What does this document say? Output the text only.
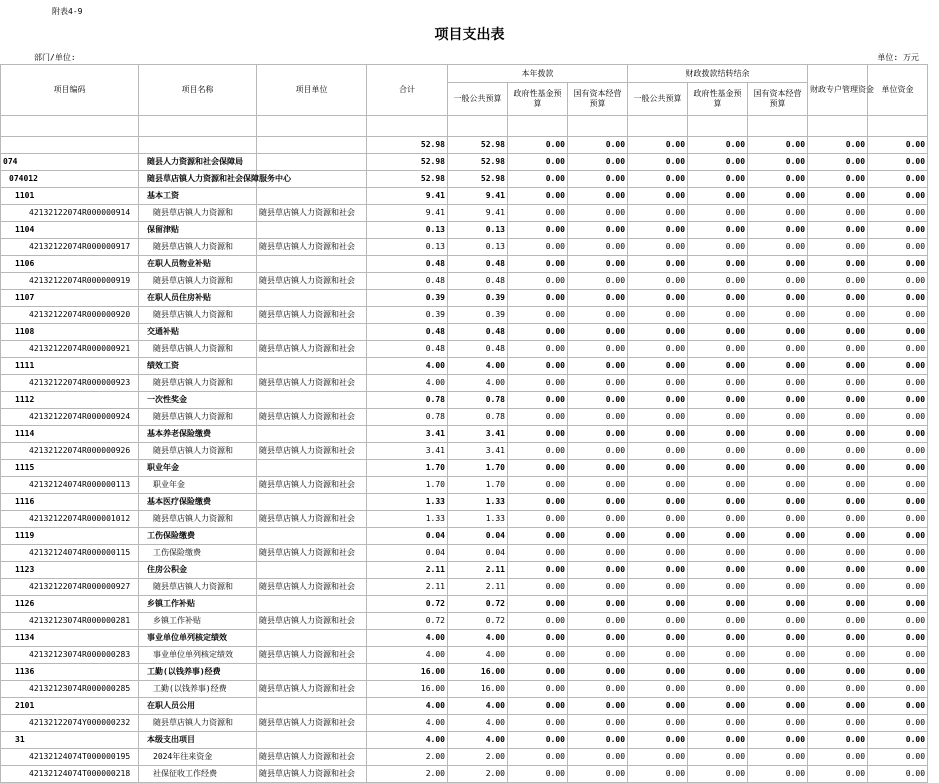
附表4-9
项目支出表
部门/单位:	单位: 万元
项目编码	项目名称	项目单位	合计	本年拨款			财政拨款结转结余			财政专户管理资金	单位资金
				一般公共预算	政府性基金预算	国有资本经营预算	一般公共预算	政府性基金预算	国有资本经营预算		

			52.98	52.98	0.00	0.00	0.00	0.00	0.00	0.00	0.00
074	随县人力资源和社会保障局		52.98	52.98	0.00	0.00	0.00	0.00	0.00	0.00	0.00
074012	随县草店镇人力资源和社会保障服务中心		52.98	52.98	0.00	0.00	0.00	0.00	0.00	0.00	0.00
1101	基本工资		9.41	9.41	0.00	0.00	0.00	0.00	0.00	0.00	0.00
42132122074R000000914	随县草店镇人力资源和	随县草店镇人力资源和社会	9.41	9.41	0.00	0.00	0.00	0.00	0.00	0.00	0.00
1104	保留津贴		0.13	0.13	0.00	0.00	0.00	0.00	0.00	0.00	0.00
42132122074R000000917	随县草店镇人力资源和	随县草店镇人力资源和社会	0.13	0.13	0.00	0.00	0.00	0.00	0.00	0.00	0.00
1106	在职人员物业补贴		0.48	0.48	0.00	0.00	0.00	0.00	0.00	0.00	0.00
42132122074R000000919	随县草店镇人力资源和	随县草店镇人力资源和社会	0.48	0.48	0.00	0.00	0.00	0.00	0.00	0.00	0.00
1107	在职人员住房补贴		0.39	0.39	0.00	0.00	0.00	0.00	0.00	0.00	0.00
42132122074R000000920	随县草店镇人力资源和	随县草店镇人力资源和社会	0.39	0.39	0.00	0.00	0.00	0.00	0.00	0.00	0.00
1108	交通补贴		0.48	0.48	0.00	0.00	0.00	0.00	0.00	0.00	0.00
42132122074R000000921	随县草店镇人力资源和	随县草店镇人力资源和社会	0.48	0.48	0.00	0.00	0.00	0.00	0.00	0.00	0.00
1111	绩效工资		4.00	4.00	0.00	0.00	0.00	0.00	0.00	0.00	0.00
42132122074R000000923	随县草店镇人力资源和	随县草店镇人力资源和社会	4.00	4.00	0.00	0.00	0.00	0.00	0.00	0.00	0.00
1112	一次性奖金		0.78	0.78	0.00	0.00	0.00	0.00	0.00	0.00	0.00
42132122074R000000924	随县草店镇人力资源和	随县草店镇人力资源和社会	0.78	0.78	0.00	0.00	0.00	0.00	0.00	0.00	0.00
1114	基本养老保险缴费		3.41	3.41	0.00	0.00	0.00	0.00	0.00	0.00	0.00
42132122074R000000926	随县草店镇人力资源和	随县草店镇人力资源和社会	3.41	3.41	0.00	0.00	0.00	0.00	0.00	0.00	0.00
1115	职业年金		1.70	1.70	0.00	0.00	0.00	0.00	0.00	0.00	0.00
42132124074R000000113	职业年金	随县草店镇人力资源和社会	1.70	1.70	0.00	0.00	0.00	0.00	0.00	0.00	0.00
1116	基本医疗保险缴费		1.33	1.33	0.00	0.00	0.00	0.00	0.00	0.00	0.00
42132122074R000001012	随县草店镇人力资源和	随县草店镇人力资源和社会	1.33	1.33	0.00	0.00	0.00	0.00	0.00	0.00	0.00
1119	工伤保险缴费		0.04	0.04	0.00	0.00	0.00	0.00	0.00	0.00	0.00
42132124074R000000115	工伤保险缴费	随县草店镇人力资源和社会	0.04	0.04	0.00	0.00	0.00	0.00	0.00	0.00	0.00
1123	住房公积金		2.11	2.11	0.00	0.00	0.00	0.00	0.00	0.00	0.00
42132122074R000000927	随县草店镇人力资源和	随县草店镇人力资源和社会	2.11	2.11	0.00	0.00	0.00	0.00	0.00	0.00	0.00
1126	乡镇工作补贴		0.72	0.72	0.00	0.00	0.00	0.00	0.00	0.00	0.00
42132123074R000000281	乡镇工作补贴	随县草店镇人力资源和社会	0.72	0.72	0.00	0.00	0.00	0.00	0.00	0.00	0.00
1134	事业单位单列核定绩效		4.00	4.00	0.00	0.00	0.00	0.00	0.00	0.00	0.00
42132123074R000000283	事业单位单列核定绩效	随县草店镇人力资源和社会	4.00	4.00	0.00	0.00	0.00	0.00	0.00	0.00	0.00
1136	工勤(以钱养事)经费		16.00	16.00	0.00	0.00	0.00	0.00	0.00	0.00	0.00
42132123074R000000285	工勤(以钱养事)经费	随县草店镇人力资源和社会	16.00	16.00	0.00	0.00	0.00	0.00	0.00	0.00	0.00
2101	在职人员公用		4.00	4.00	0.00	0.00	0.00	0.00	0.00	0.00	0.00
42132122074Y000000232	随县草店镇人力资源和	随县草店镇人力资源和社会	4.00	4.00	0.00	0.00	0.00	0.00	0.00	0.00	0.00
31	本级支出项目		4.00	4.00	0.00	0.00	0.00	0.00	0.00	0.00	0.00
42132124074T000000195	2024年往来资金	随县草店镇人力资源和社会	2.00	2.00	0.00	0.00	0.00	0.00	0.00	0.00	0.00
42132124074T000000218	社保征收工作经费	随县草店镇人力资源和社会	2.00	2.00	0.00	0.00	0.00	0.00	0.00	0.00	0.00
